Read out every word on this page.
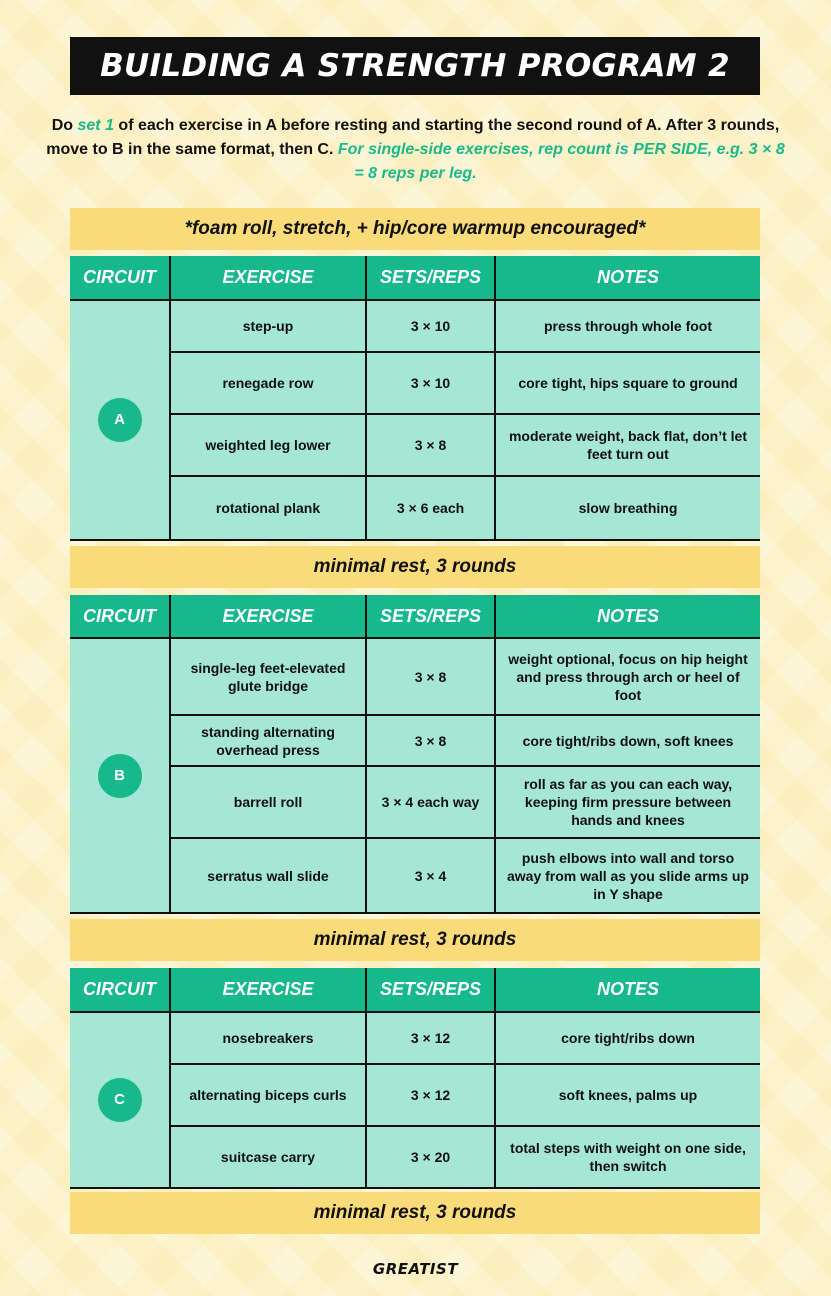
BUILDING A STRENGTH PROGRAM 2
Do set 1 of each exercise in A before resting and starting the second round of A. After 3 rounds, move to B in the same format, then C. For single-side exercises, rep count is PER SIDE, e.g. 3 × 8 = 8 reps per leg.
*foam roll, stretch, + hip/core warmup encouraged*
CIRCUIT	EXERCISE	SETS/REPS	NOTES
A	step-up	3 × 10	press through whole foot
	renegade row	3 × 10	core tight, hips square to ground
	weighted leg lower	3 × 8	moderate weight, back flat, don’t let feet turn out
	rotational plank	3 × 6 each	slow breathing
minimal rest, 3 rounds
CIRCUIT	EXERCISE	SETS/REPS	NOTES
B	single-leg feet-elevated glute bridge	3 × 8	weight optional, focus on hip height and press through arch or heel of foot
	standing alternating overhead press	3 × 8	core tight/ribs down, soft knees
	barrell roll	3 × 4 each way	roll as far as you can each way, keeping firm pressure between hands and knees
	serratus wall slide	3 × 4	push elbows into wall and torso away from wall as you slide arms up in Y shape
minimal rest, 3 rounds
CIRCUIT	EXERCISE	SETS/REPS	NOTES
C	nosebreakers	3 × 12	core tight/ribs down
	alternating biceps curls	3 × 12	soft knees, palms up
	suitcase carry	3 × 20	total steps with weight on one side, then switch
minimal rest, 3 rounds
GREATIST
